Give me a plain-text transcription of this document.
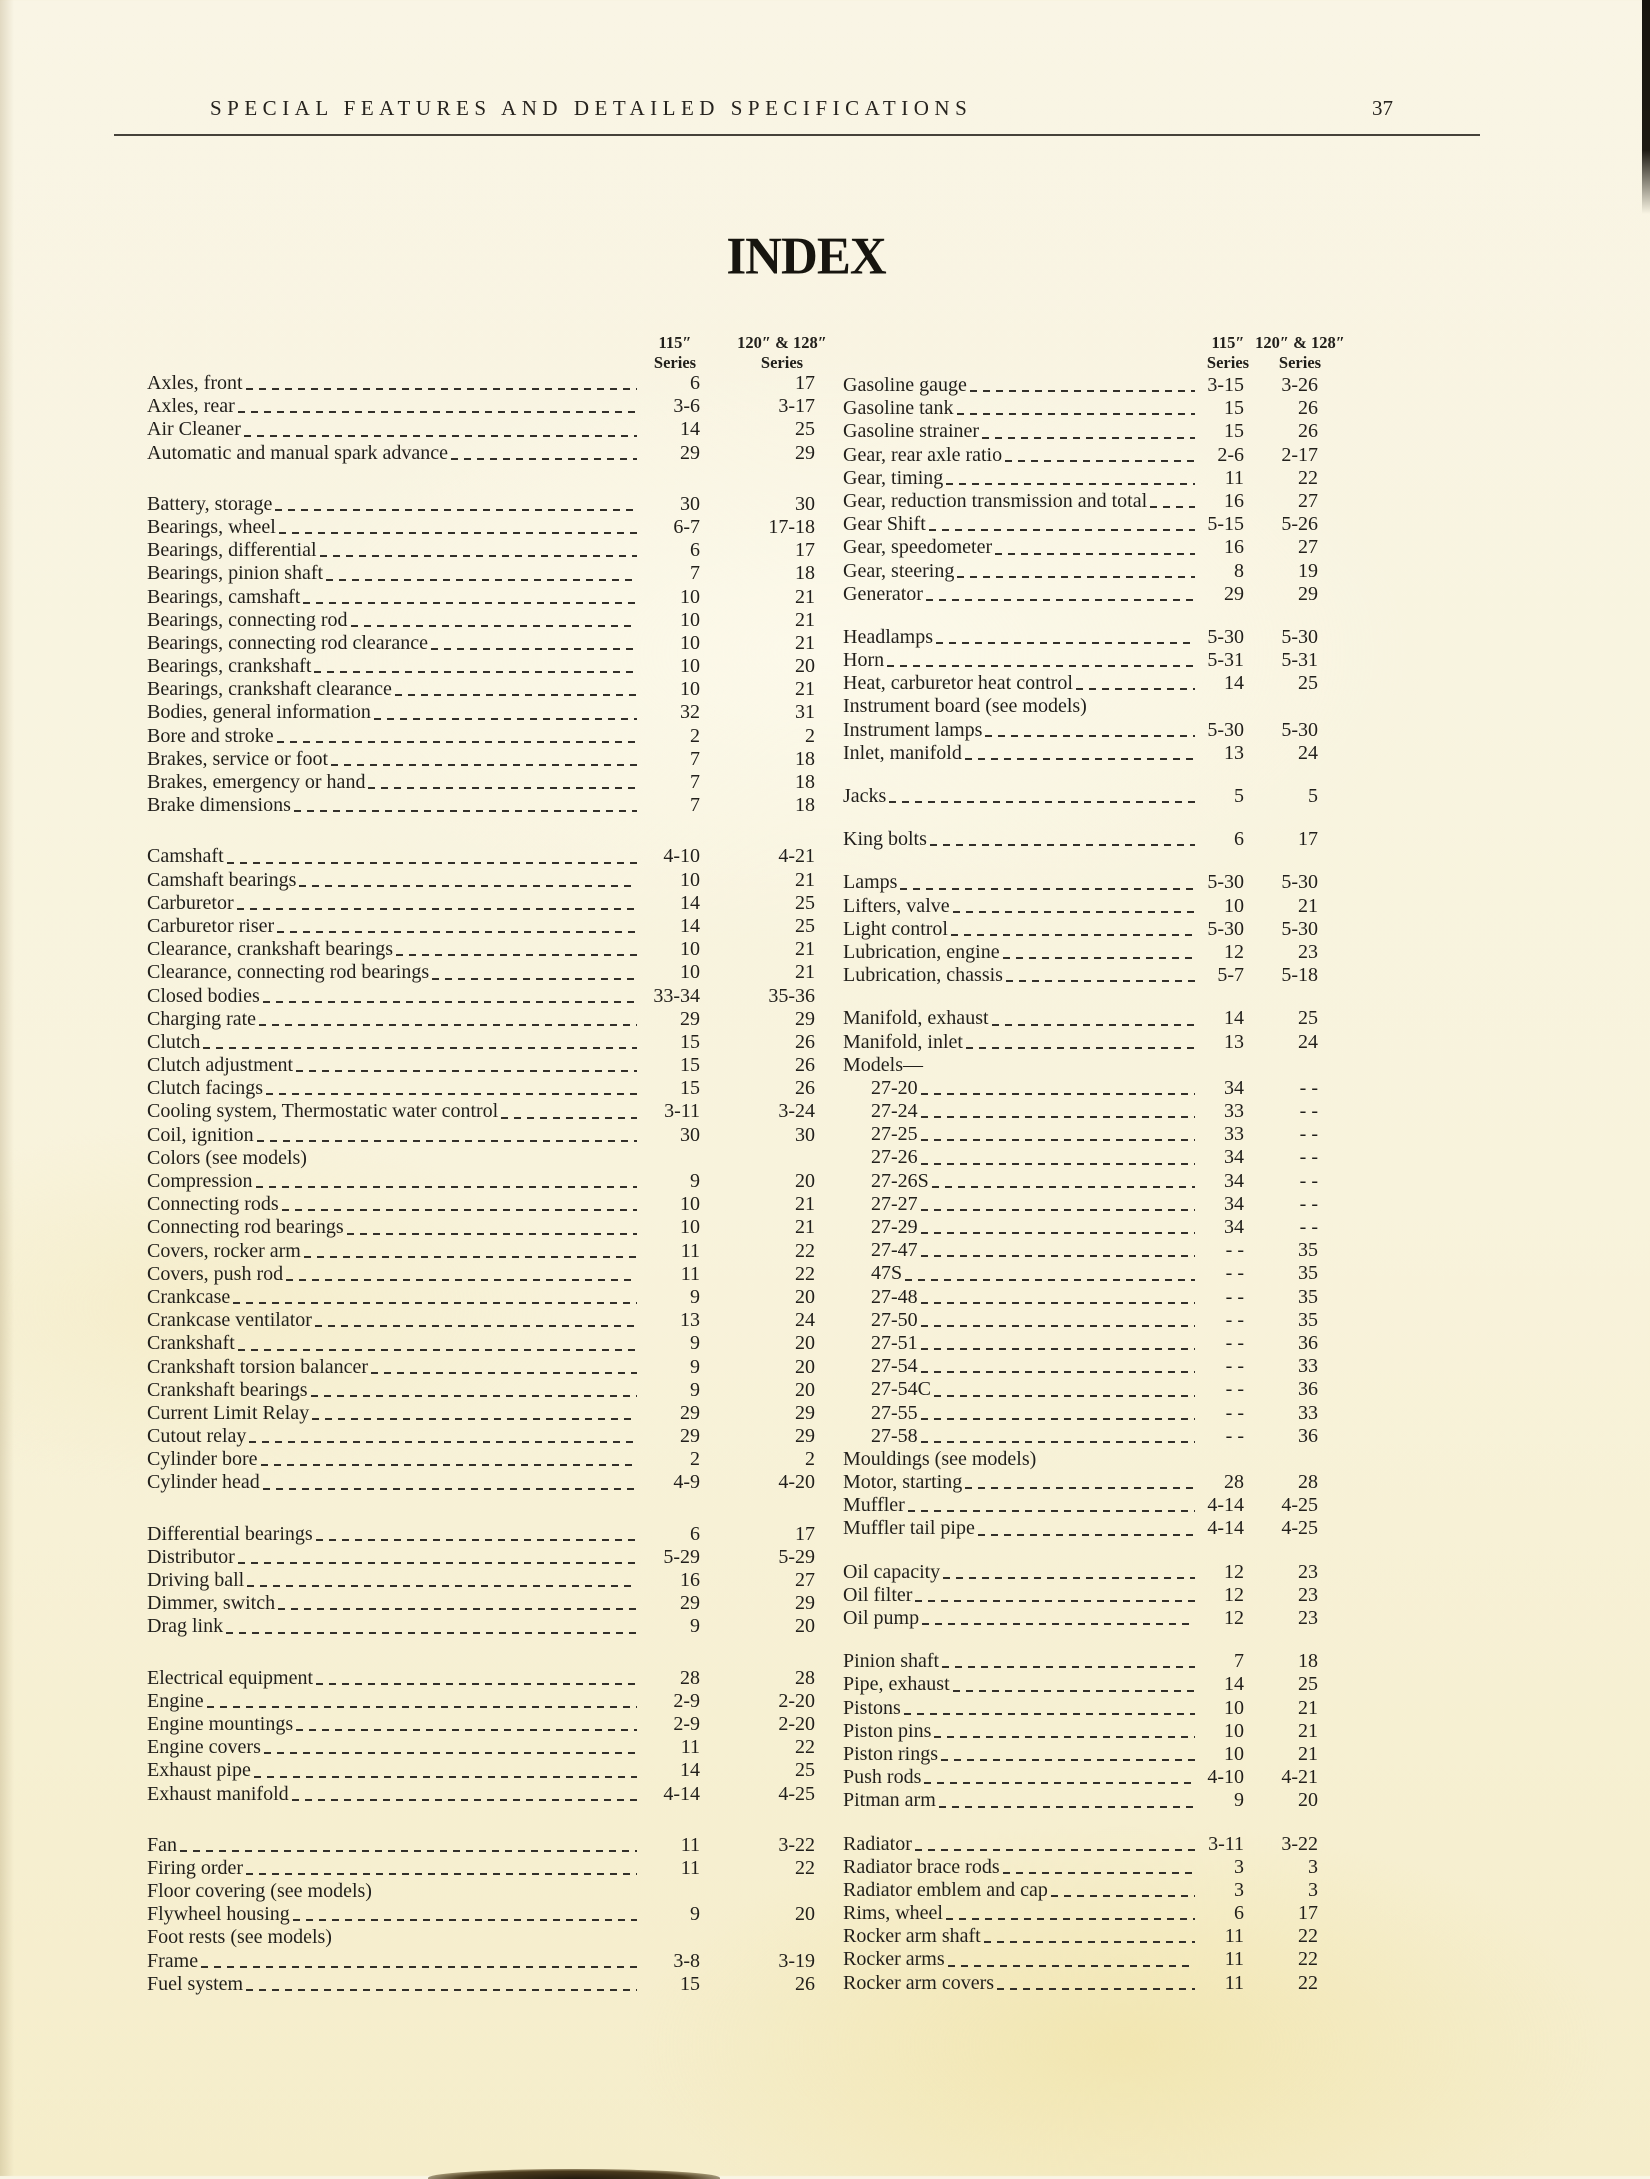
SPECIAL FEATURES AND DETAILED SPECIFICATIONS	37
INDEX
115″
Series
120″ & 128″
Series
115″
Series
120″ & 128″
Series
Axles, front	6	17
Axles, rear	3-6	3-17
Air Cleaner	14	25
Automatic and manual spark advance	29	29
Battery, storage	30	30
Bearings, wheel	6-7	17-18
Bearings, differential	6	17
Bearings, pinion shaft	7	18
Bearings, camshaft	10	21
Bearings, connecting rod	10	21
Bearings, connecting rod clearance	10	21
Bearings, crankshaft	10	20
Bearings, crankshaft clearance	10	21
Bodies, general information	32	31
Bore and stroke	2	2
Brakes, service or foot	7	18
Brakes, emergency or hand	7	18
Brake dimensions	7	18
Camshaft	4-10	4-21
Camshaft bearings	10	21
Carburetor	14	25
Carburetor riser	14	25
Clearance, crankshaft bearings	10	21
Clearance, connecting rod bearings	10	21
Closed bodies	33-34	35-36
Charging rate	29	29
Clutch	15	26
Clutch adjustment	15	26
Clutch facings	15	26
Cooling system, Thermostatic water control	3-11	3-24
Coil, ignition	30	30
Colors (see models)
Compression	9	20
Connecting rods	10	21
Connecting rod bearings	10	21
Covers, rocker arm	11	22
Covers, push rod	11	22
Crankcase	9	20
Crankcase ventilator	13	24
Crankshaft	9	20
Crankshaft torsion balancer	9	20
Crankshaft bearings	9	20
Current Limit Relay	29	29
Cutout relay	29	29
Cylinder bore	2	2
Cylinder head	4-9	4-20
Differential bearings	6	17
Distributor	5-29	5-29
Driving ball	16	27
Dimmer, switch	29	29
Drag link	9	20
Electrical equipment	28	28
Engine	2-9	2-20
Engine mountings	2-9	2-20
Engine covers	11	22
Exhaust pipe	14	25
Exhaust manifold	4-14	4-25
Fan	11	3-22
Firing order	11	22
Floor covering (see models)
Flywheel housing	9	20
Foot rests (see models)
Frame	3-8	3-19
Fuel system	15	26
Gasoline gauge	3-15	3-26
Gasoline tank	15	26
Gasoline strainer	15	26
Gear, rear axle ratio	2-6	2-17
Gear, timing	11	22
Gear, reduction transmission and total	16	27
Gear Shift	5-15	5-26
Gear, speedometer	16	27
Gear, steering	8	19
Generator	29	29
Headlamps	5-30	5-30
Horn	5-31	5-31
Heat, carburetor heat control	14	25
Instrument board (see models)
Instrument lamps	5-30	5-30
Inlet, manifold	13	24
Jacks	5	5
King bolts	6	17
Lamps	5-30	5-30
Lifters, valve	10	21
Light control	5-30	5-30
Lubrication, engine	12	23
Lubrication, chassis	5-7	5-18
Manifold, exhaust	14	25
Manifold, inlet	13	24
Models—
27-20	34	- -
27-24	33	- -
27-25	33	- -
27-26	34	- -
27-26S	34	- -
27-27	34	- -
27-29	34	- -
27-47	- -	35
47S	- -	35
27-48	- -	35
27-50	- -	35
27-51	- -	36
27-54	- -	33
27-54C	- -	36
27-55	- -	33
27-58	- -	36
Mouldings (see models)
Motor, starting	28	28
Muffler	4-14	4-25
Muffler tail pipe	4-14	4-25
Oil capacity	12	23
Oil filter	12	23
Oil pump	12	23
Pinion shaft	7	18
Pipe, exhaust	14	25
Pistons	10	21
Piston pins	10	21
Piston rings	10	21
Push rods	4-10	4-21
Pitman arm	9	20
Radiator	3-11	3-22
Radiator brace rods	3	3
Radiator emblem and cap	3	3
Rims, wheel	6	17
Rocker arm shaft	11	22
Rocker arms	11	22
Rocker arm covers	11	22
